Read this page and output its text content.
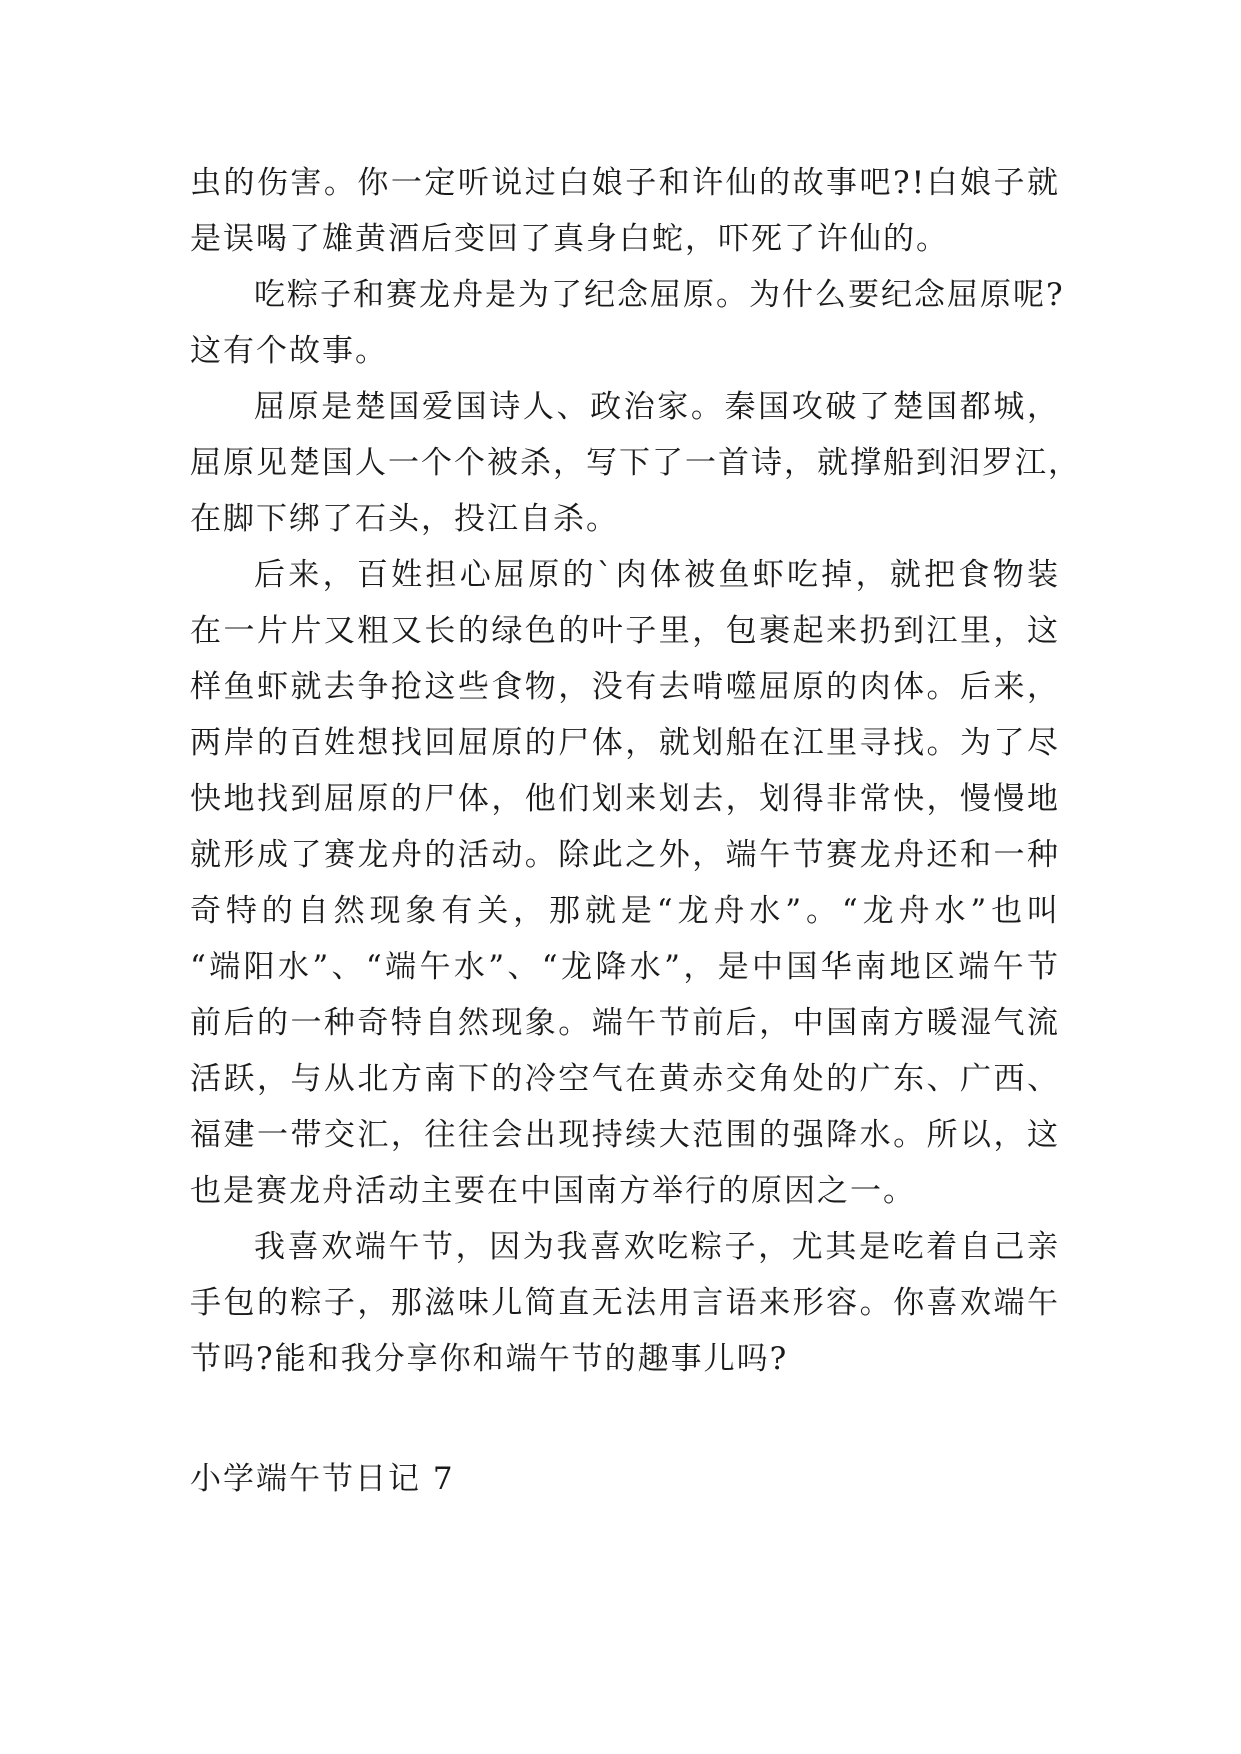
虫的伤害。你一定听说过白娘子和许仙的故事吧?!白娘子就
是误喝了雄黄酒后变回了真身白蛇，吓死了许仙的。
吃粽子和赛龙舟是为了纪念屈原。为什么要纪念屈原呢?
这有个故事。
屈原是楚国爱国诗人、政治家。秦国攻破了楚国都城，
屈原见楚国人一个个被杀，写下了一首诗，就撑船到汨罗江，
在脚下绑了石头，投江自杀。
后来，百姓担心屈原的`肉体被鱼虾吃掉，就把食物装
在一片片又粗又长的绿色的叶子里，包裹起来扔到江里，这
样鱼虾就去争抢这些食物，没有去啃噬屈原的肉体。后来，
两岸的百姓想找回屈原的尸体，就划船在江里寻找。为了尽
快地找到屈原的尸体，他们划来划去，划得非常快，慢慢地
就形成了赛龙舟的活动。除此之外，端午节赛龙舟还和一种
奇特的自然现象有关，那就是“龙舟水”。“龙舟水”也叫
“端阳水”、“端午水”、“龙降水”，是中国华南地区端午节
前后的一种奇特自然现象。端午节前后，中国南方暖湿气流
活跃，与从北方南下的冷空气在黄赤交角处的广东、广西、
福建一带交汇，往往会出现持续大范围的强降水。所以，这
也是赛龙舟活动主要在中国南方举行的原因之一。
我喜欢端午节，因为我喜欢吃粽子，尤其是吃着自己亲
手包的粽子，那滋味儿简直无法用言语来形容。你喜欢端午
节吗?能和我分享你和端午节的趣事儿吗?
小学端午节日记 7
